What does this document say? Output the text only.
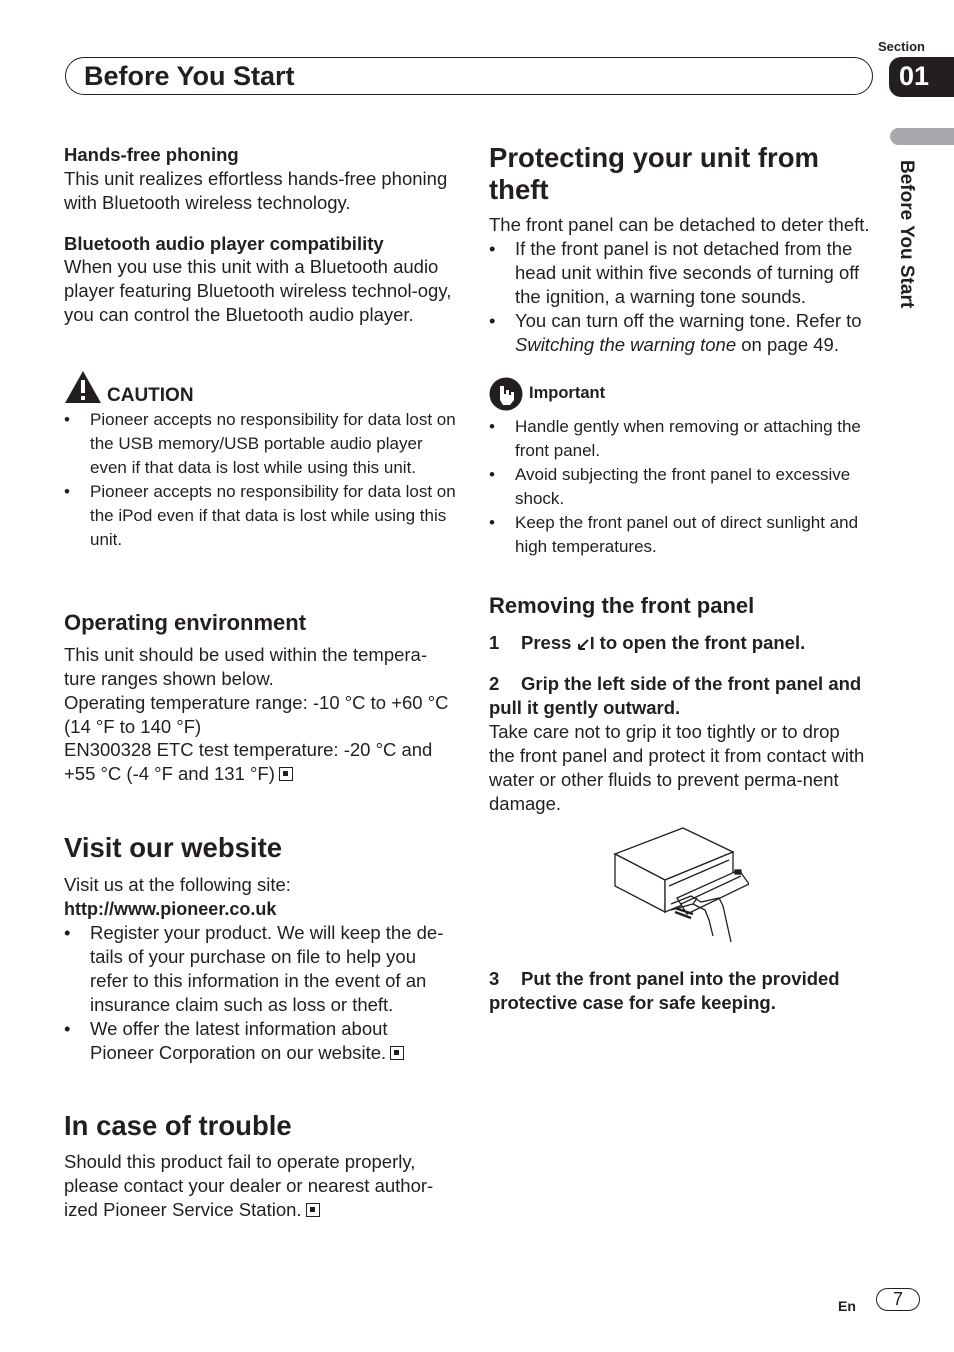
Section
Before You Start	01
Before You Start

Hands-free phoning

This unit realizes effortless hands-free phoning with Bluetooth wireless technology.

Bluetooth audio player compatibility

When you use this unit with a Bluetooth audio player featuring Bluetooth wireless technol-ogy, you can control the Bluetooth audio player.

CAUTION
• Pioneer accepts no responsibility for data lost on the USB memory/USB portable audio player even if that data is lost while using this unit.
• Pioneer accepts no responsibility for data lost on the iPod even if that data is lost while using this unit.

Operating environment

This unit should be used within the tempera-ture ranges shown below.

Operating temperature range: -10 °C to +60 °C (14 °F to 140 °F)

EN300328 ETC test temperature: -20 °C and +55 °C (-4 °F and 131 °F)

Visit our website

Visit us at the following site:

http://www.pioneer.co.uk

• Register your product. We will keep the de-tails of your purchase on file to help you refer to this information in the event of an insurance claim such as loss or theft.
• We offer the latest information about Pioneer Corporation on our website.

In case of trouble

Should this product fail to operate properly, please contact your dealer or nearest author-ized Pioneer Service Station.

Protecting your unit from theft

The front panel can be detached to deter theft.

• If the front panel is not detached from the head unit within five seconds of turning off the ignition, a warning tone sounds.
• You can turn off the warning tone. Refer to Switching the warning tone on page 49.
Important
• Handle gently when removing or attaching the front panel.
• Avoid subjecting the front panel to excessive shock.
• Keep the front panel out of direct sunlight and high temperatures.

Removing the front panel

1 Press  to open the front panel.

2 Grip the left side of the front panel and pull it gently outward.

Take care not to grip it too tightly or to drop the front panel and protect it from contact with water or other fluids to prevent perma-nent damage.

3 Put the front panel into the provided protective case for safe keeping.

En	7
